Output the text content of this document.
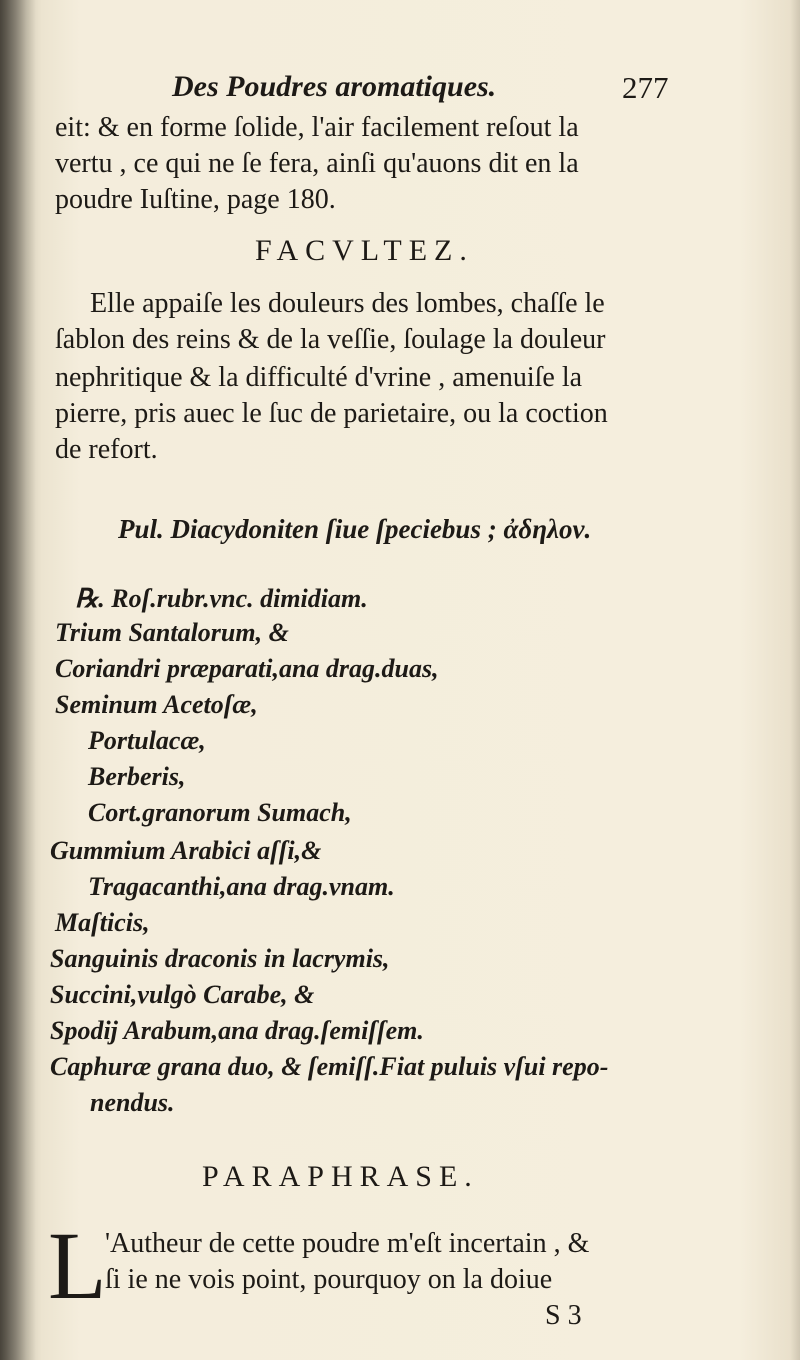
Des Poudres aromatiques.	277
eit: & en forme ſolide, l'air facilement reſout la
vertu , ce qui ne ſe fera, ainſi qu'auons dit en la
poudre Iuſtine, page 180.
FACVLTEZ.
Elle appaiſe les douleurs des lombes, chaſſe le
ſablon des reins & de la veſſie, ſoulage la douleur
nephritique & la difficulté d'vrine , amenuiſe la
pierre, pris auec le ſuc de parietaire, ou la coction
de refort.
Pul. Diacydoniten ſiue ſpeciebus ; ἀδηλον.
℞. Roſ.rubr.vnc. dimidiam.
Trium Santalorum, &
Coriandri præparati,ana drag.duas,
Seminum Acetoſæ,
Portulacæ,
Berberis,
Cort.granorum Sumach,
Gummium Arabici aſſi,&
Tragacanthi,ana drag.vnam.
Maſticis,
Sanguinis draconis in lacrymis,
Succini,vulgò Carabe, &
Spodij Arabum,ana drag.ſemiſſem.
Caphuræ grana duo, & ſemiſſ.Fiat puluis vſui repo-
nendus.
PARAPHRASE.
L
'Autheur de cette poudre m'eſt incertain , &
ſi ie ne vois point, pourquoy on la doiue
S 3
